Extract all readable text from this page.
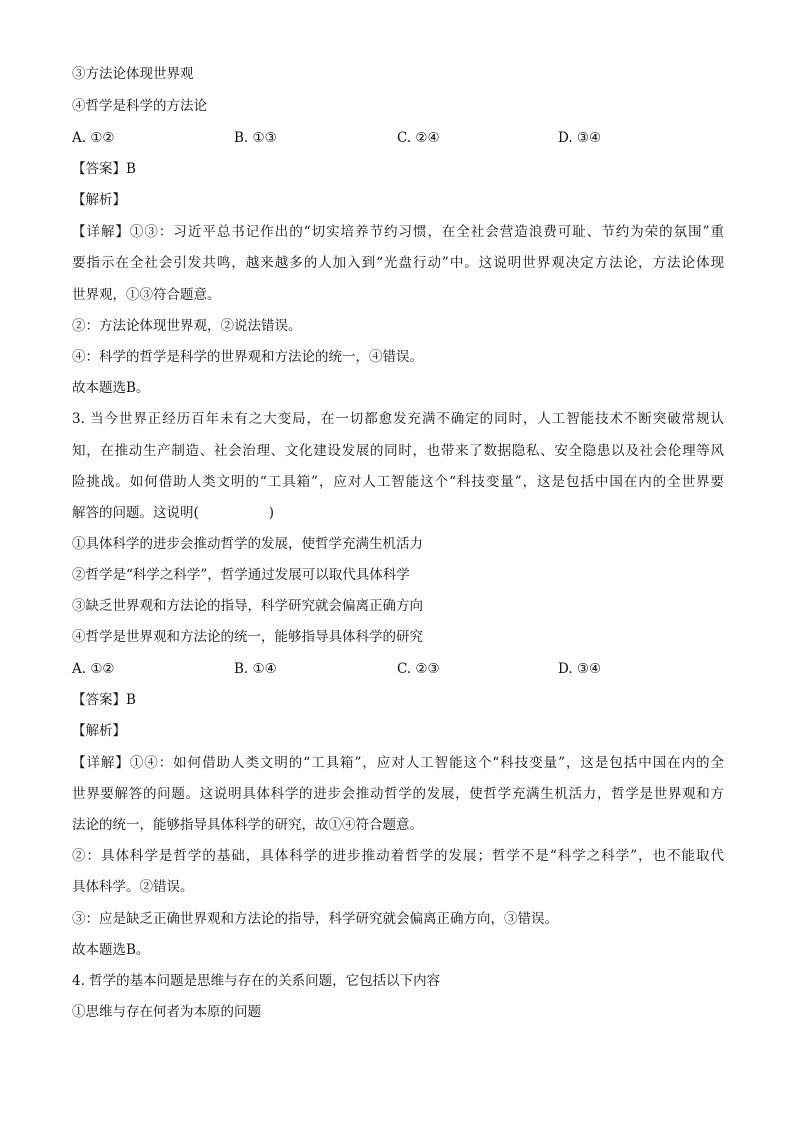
③方法论体现世界观
④哲学是科学的方法论
A. ①②	B. ①③	C. ②④	D. ③④
【答案】B
【解析】
【详解】①③：习近平总书记作出的“切实培养节约习惯，在全社会营造浪费可耻、节约为荣的氛围”重
要指示在全社会引发共鸣，越来越多的人加入到“光盘行动”中。这说明世界观决定方法论，方法论体现
世界观，①③符合题意。
②：方法论体现世界观，②说法错误。
④：科学的哲学是科学的世界观和方法论的统一，④错误。
故本题选B。
3. 当今世界正经历百年未有之大变局，在一切都愈发充满不确定的同时，人工智能技术不断突破常规认
知，在推动生产制造、社会治理、文化建设发展的同时，也带来了数据隐私、安全隐患以及社会伦理等风
险挑战。如何借助人类文明的“工具箱”，应对人工智能这个“科技变量”，这是包括中国在内的全世界要
解答的问题。这说明(	)
①具体科学的进步会推动哲学的发展，使哲学充满生机活力
②哲学是“科学之科学”，哲学通过发展可以取代具体科学
③缺乏世界观和方法论的指导，科学研究就会偏离正确方向
④哲学是世界观和方法论的统一，能够指导具体科学的研究
A. ①②	B. ①④	C. ②③	D. ③④
【答案】B
【解析】
【详解】①④：如何借助人类文明的“工具箱”，应对人工智能这个“科技变量”，这是包括中国在内的全
世界要解答的问题。这说明具体科学的进步会推动哲学的发展，使哲学充满生机活力，哲学是世界观和方
法论的统一，能够指导具体科学的研究，故①④符合题意。
②：具体科学是哲学的基础，具体科学的进步推动着哲学的发展；哲学不是“科学之科学”，也不能取代
具体科学。②错误。
③：应是缺乏正确世界观和方法论的指导，科学研究就会偏离正确方向，③错误。
故本题选B。
4. 哲学的基本问题是思维与存在的关系问题，它包括以下内容
①思维与存在何者为本原的问题
